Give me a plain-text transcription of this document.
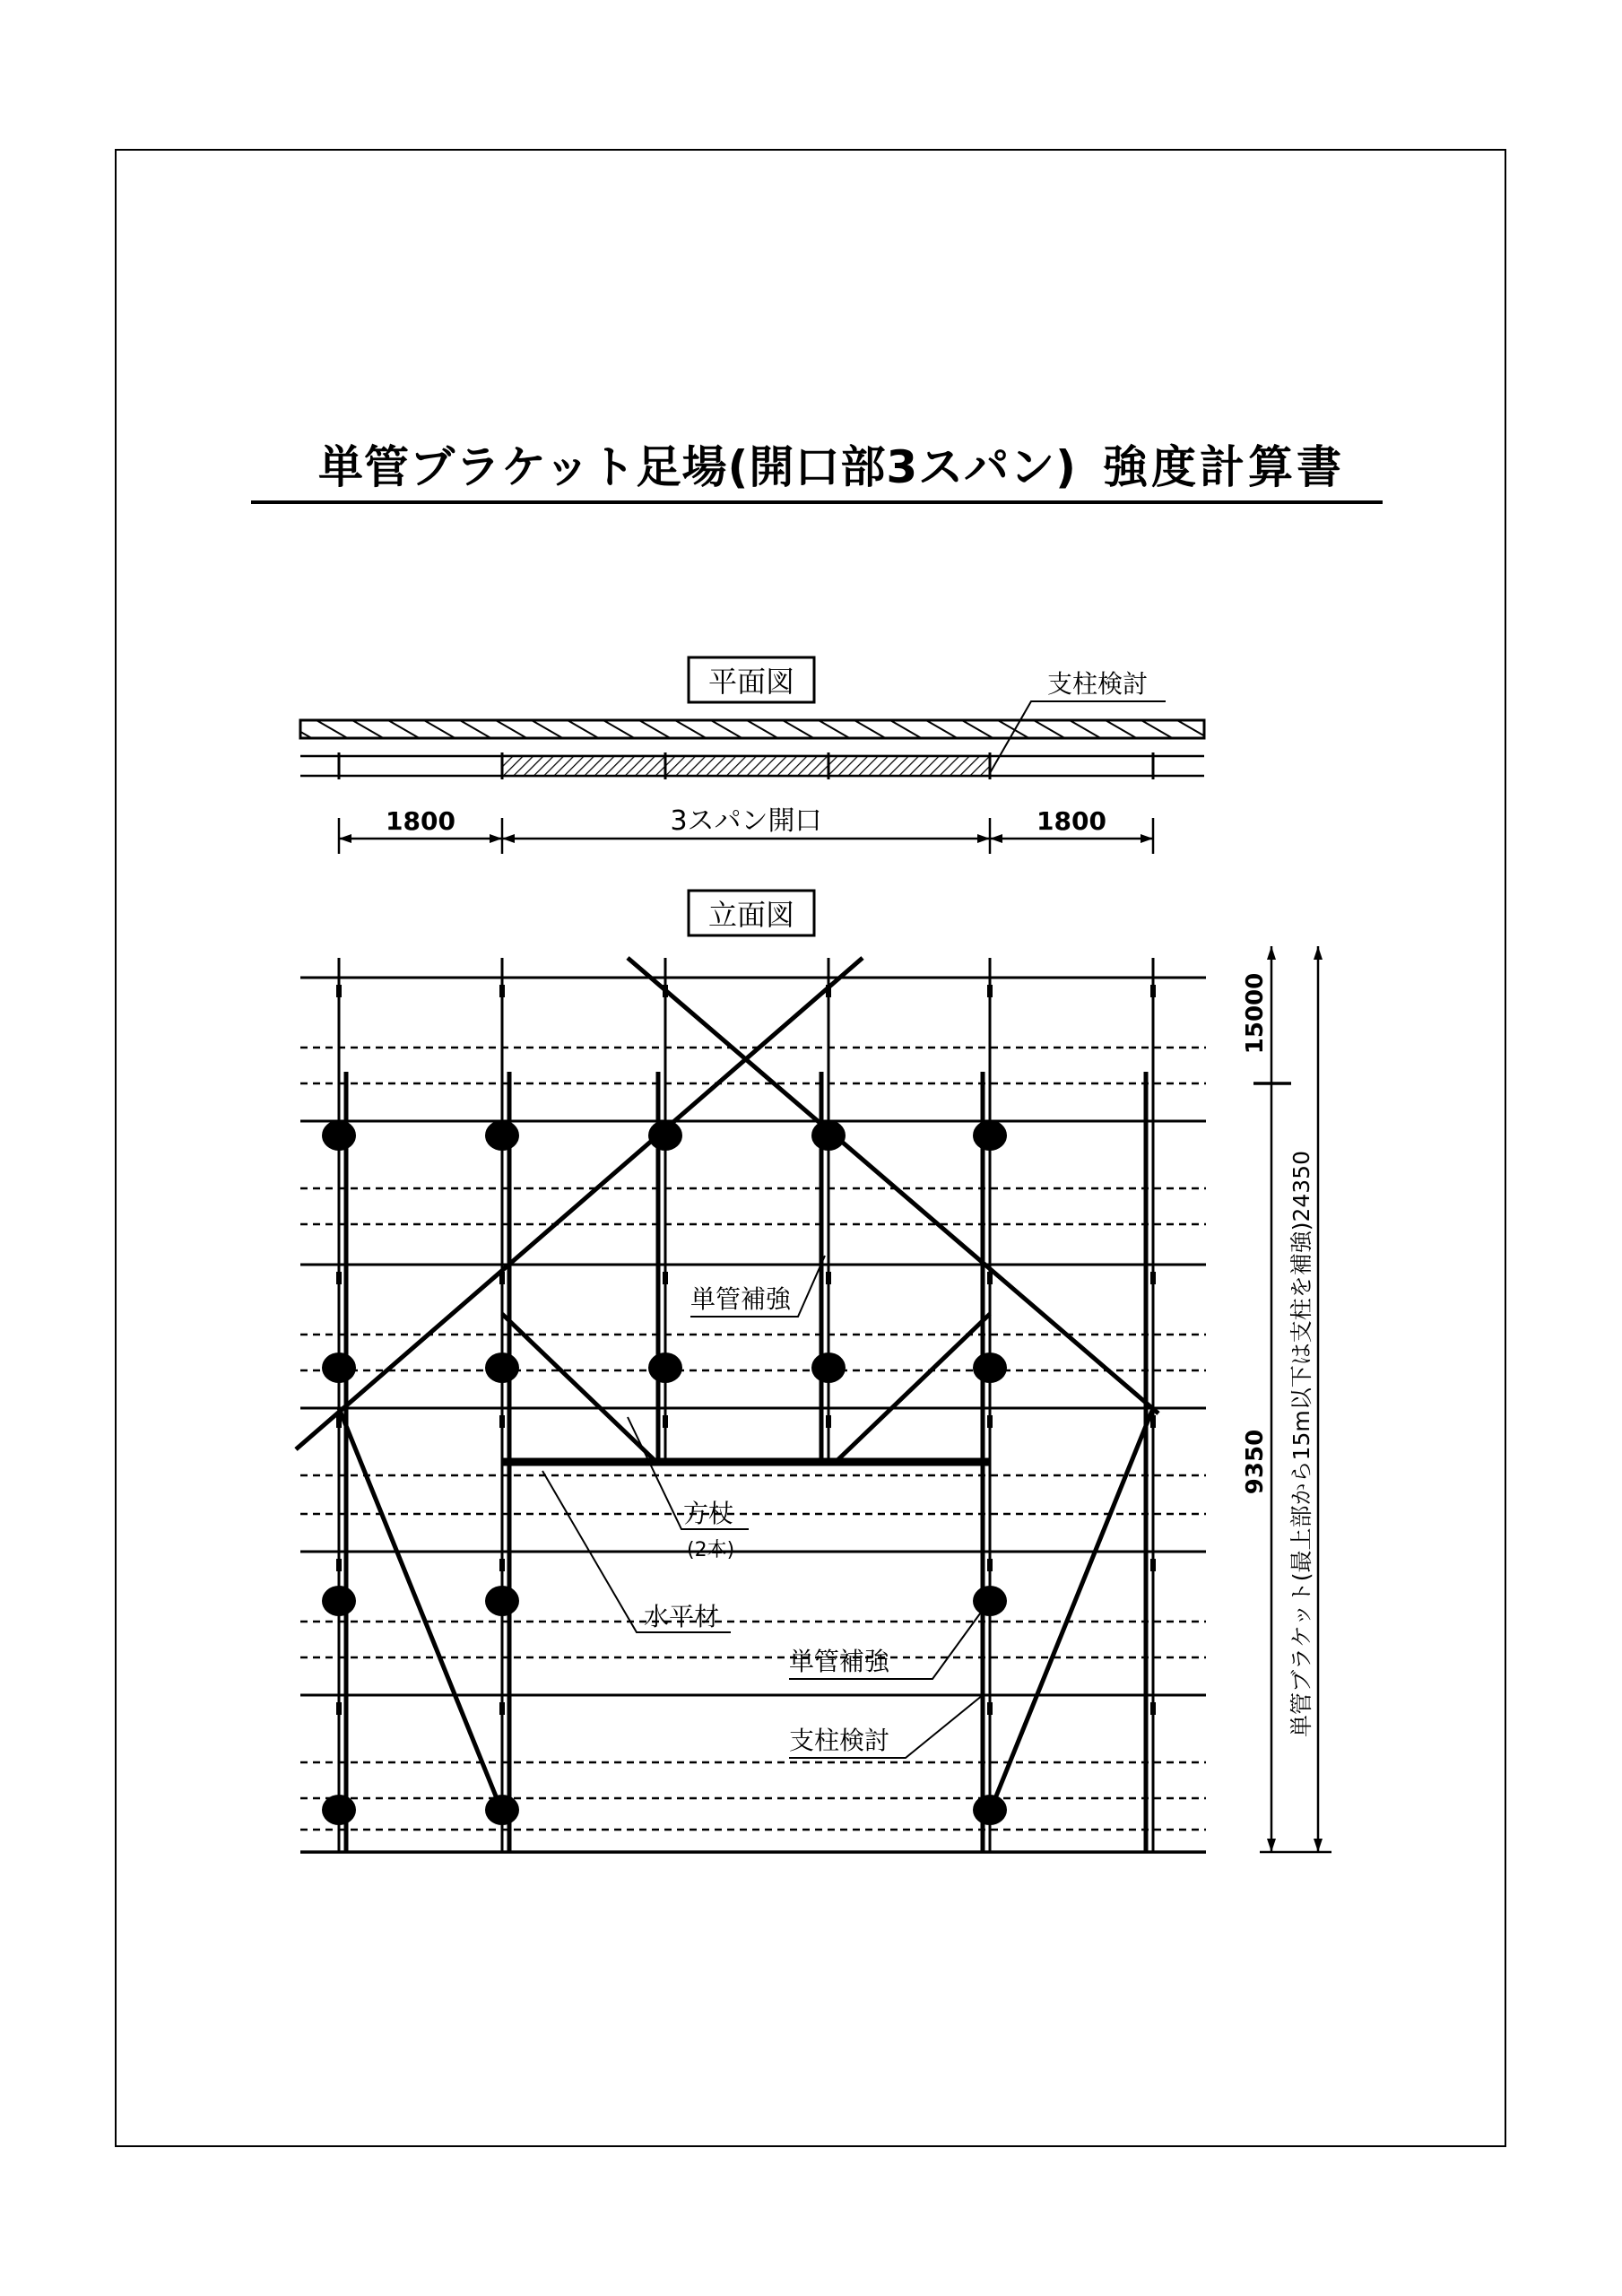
単管ブラケット足場(開口部3スパン) 強度計算書
平面図	支柱検討
1800	3スパン開口	1800
立面図
単管補強
方杖
(2本)
水平材
単管補強
支柱検討
15000
9350 単管ブラケット(最上部から15m以下は支柱を補強)24350
